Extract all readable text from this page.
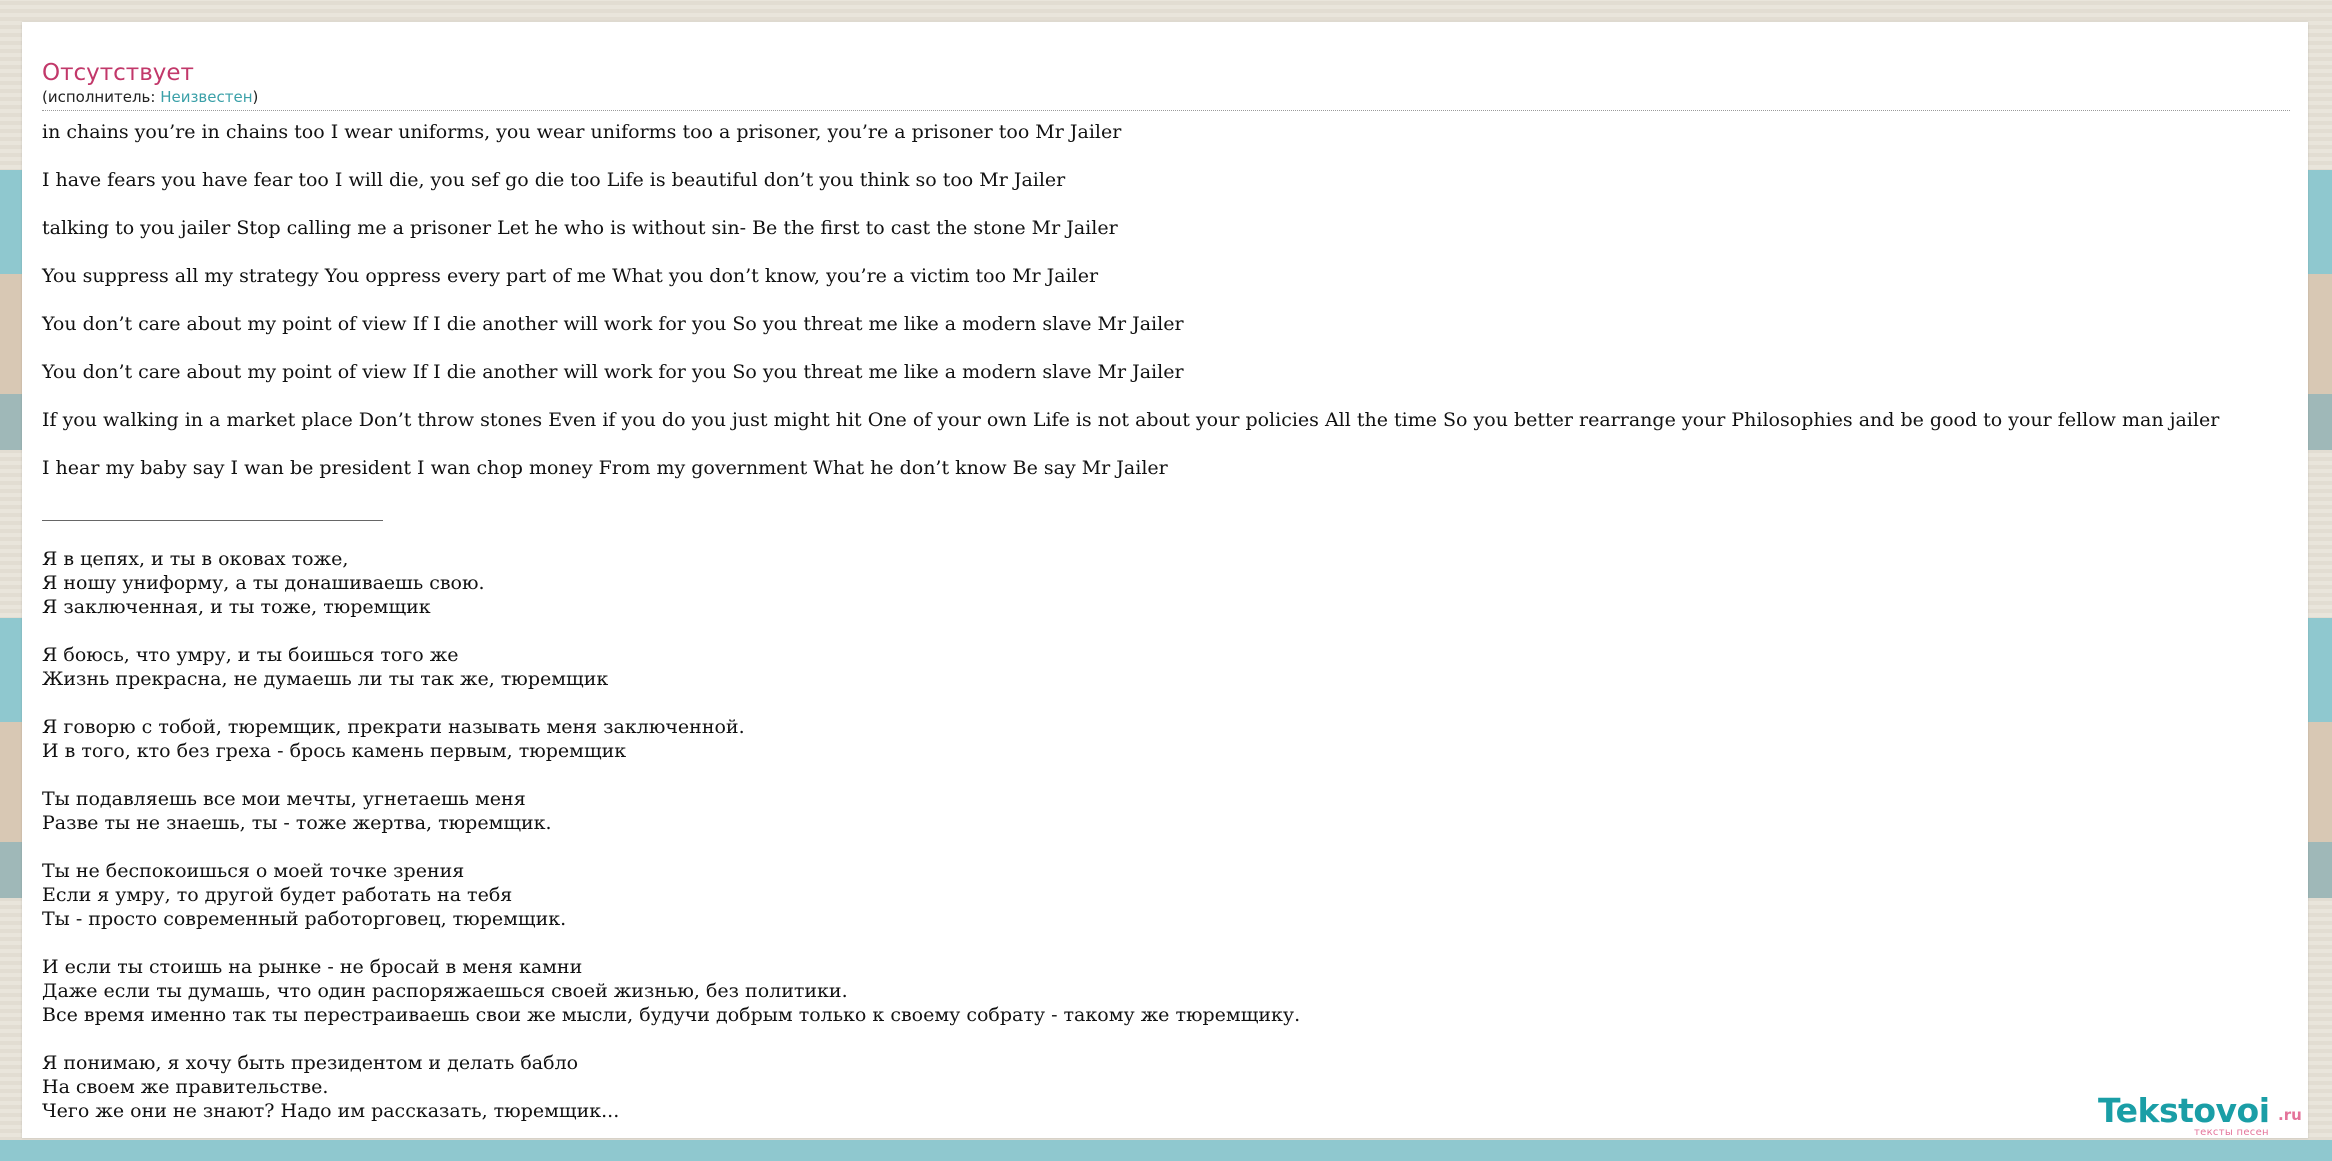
Отсутствует
(исполнитель: Неизвестен)
in chains you’re in chains too I wear uniforms, you wear uniforms too a prisoner, you’re a prisoner too Mr Jailer
I have fears you have fear too I will die, you sef go die too Life is beautiful don’t you think so too Mr Jailer
talking to you jailer Stop calling me a prisoner Let he who is without sin- Be the first to cast the stone Mr Jailer
You suppress all my strategy You oppress every part of me What you don’t know, you’re a victim too Mr Jailer
You don’t care about my point of view If I die another will work for you So you threat me like a modern slave Mr Jailer
You don’t care about my point of view If I die another will work for you So you threat me like a modern slave Mr Jailer
If you walking in a market place Don’t throw stones Even if you do you just might hit One of your own Life is not about your policies All the time So you better rearrange your Philosophies and be good to your fellow man jailer
I hear my baby say I wan be president I wan chop money From my government What he don’t know Be say Mr Jailer
Я в цепях, и ты в оковах тоже,
Я ношу униформу, а ты донашиваешь свою.
Я заключенная, и ты тоже, тюремщик
Я боюсь, что умру, и ты боишься того же
Жизнь прекрасна, не думаешь ли ты так же, тюремщик
Я говорю с тобой, тюремщик, прекрати называть меня заключенной.
И в того, кто без греха - брось камень первым, тюремщик
Ты подавляешь все мои мечты, угнетаешь меня
Разве ты не знаешь, ты - тоже жертва, тюремщик.
Ты не беспокоишься о моей точке зрения
Если я умру, то другой будет работать на тебя
Ты - просто современный работорговец, тюремщик.
И если ты стоишь на рынке - не бросай в меня камни
Даже если ты думашь, что один распоряжаешься своей жизнью, без политики.
Все время именно так ты перестраиваешь свои же мысли, будучи добрым только к своему собрату - такому же тюремщику.
Я понимаю, я хочу быть президентом и делать бабло
На своем же правительстве.
Чего же они не знают? Надо им рассказать, тюремщик...	Tekstovoi .ru
тексты песен
